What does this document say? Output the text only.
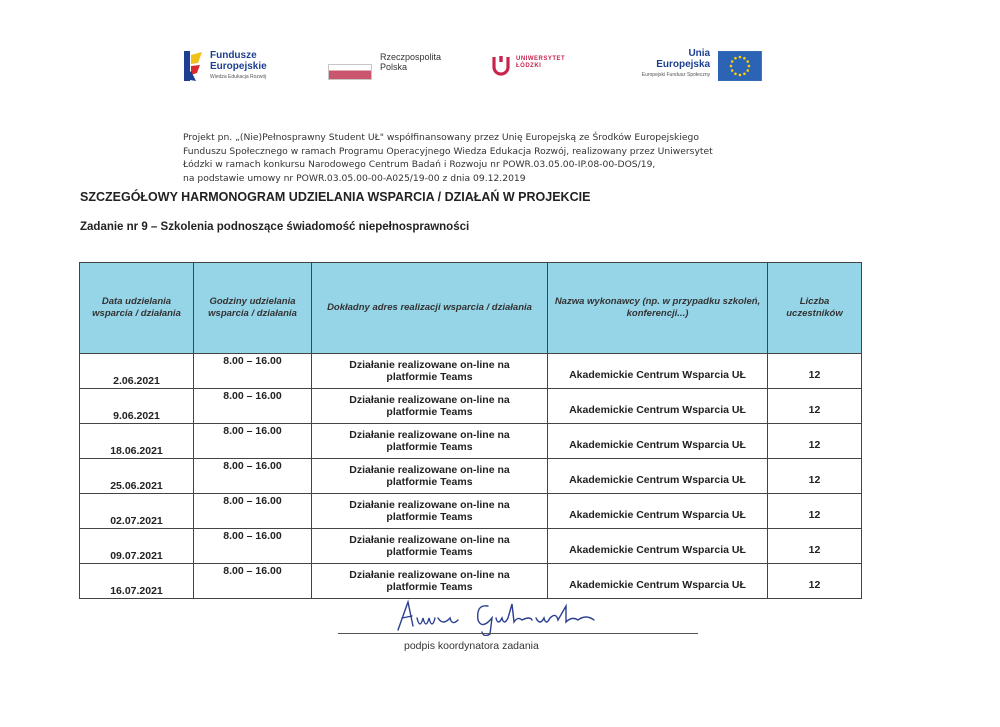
Fundusze
Europejskie
Wiedza Edukacja Rozwój
Rzeczpospolita
Polska
UNIWERSYTET
ŁÓDZKI
Unia Europejska
Europejski Fundusz Społeczny
Projekt pn. „(Nie)Pełnosprawny Student UŁ" współfinansowany przez Unię Europejską ze Środków Europejskiego
Funduszu Społecznego w ramach Programu Operacyjnego Wiedza Edukacja Rozwój, realizowany przez Uniwersytet
Łódzki w ramach konkursu Narodowego Centrum Badań i Rozwoju nr POWR.03.05.00-IP.08-00-DOS/19,
na podstawie umowy nr POWR.03.05.00-00-A025/19-00 z dnia 09.12.2019
SZCZEGÓŁOWY HARMONOGRAM UDZIELANIA WSPARCIA / DZIAŁAŃ W PROJEKCIE
Zadanie nr 9 – Szkolenia podnoszące świadomość niepełnosprawności
Data udzielania wsparcia / działania	Godziny udzielania wsparcia / działania	Dokładny adres realizacji wsparcia / działania	Nazwa wykonawcy (np. w przypadku szkoleń, konferencji...)	Liczba uczestników
2.06.2021	8.00 – 16.00	Działanie realizowane on-line na
platformie Teams	Akademickie Centrum Wsparcia UŁ	12
9.06.2021	8.00 – 16.00	Działanie realizowane on-line na
platformie Teams	Akademickie Centrum Wsparcia UŁ	12
18.06.2021	8.00 – 16.00	Działanie realizowane on-line na
platformie Teams	Akademickie Centrum Wsparcia UŁ	12
25.06.2021	8.00 – 16.00	Działanie realizowane on-line na
platformie Teams	Akademickie Centrum Wsparcia UŁ	12
02.07.2021	8.00 – 16.00	Działanie realizowane on-line na
platformie Teams	Akademickie Centrum Wsparcia UŁ	12
09.07.2021	8.00 – 16.00	Działanie realizowane on-line na
platformie Teams	Akademickie Centrum Wsparcia UŁ	12
16.07.2021	8.00 – 16.00	Działanie realizowane on-line na
platformie Teams	Akademickie Centrum Wsparcia UŁ	12
podpis koordynatora zadania
